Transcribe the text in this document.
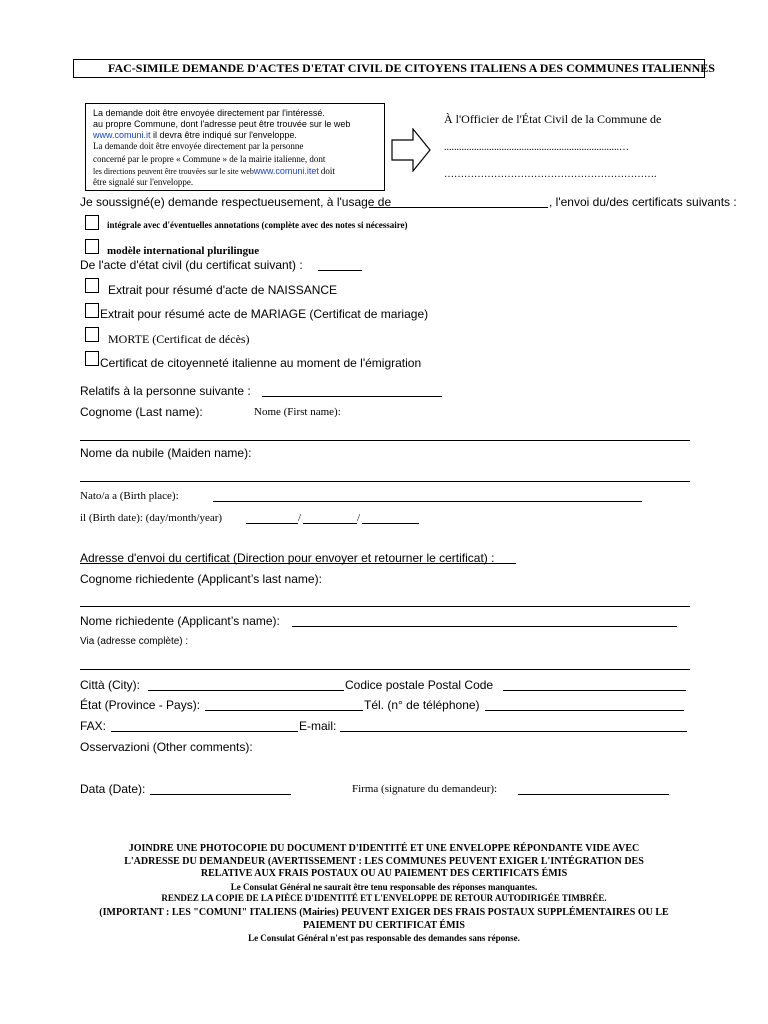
FAC-SIMILE DEMANDE D'ACTES D'ETAT CIVIL DE CITOYENS ITALIENS A DES COMMUNES ITALIENNES
La demande doit être envoyée directement par l'intéressé.
au propre Commune, dont l'adresse peut être trouvée sur le web
www.comuni.it il devra être indiqué sur l'enveloppe.
La demande doit être envoyée directement par la personne
concerné par le propre « Commune » de la mairie italienne, dont
les directions peuvent être trouvées sur le site webwww.comuni.itet doit
être signalé sur l'enveloppe.
À l'Officier de l'État Civil de la Commune de
......................................................................…
……………………………………………………….
Je soussigné(e) demande respectueusement, à l'usage de	, l'envoi du/des certificats suivants :
intégrale avec d'éventuelles annotations (complète avec des notes si nécessaire)
modèle international plurilingue
De l'acte d'état civil (du certificat suivant) :
Extrait pour résumé d'acte de NAISSANCE
Extrait pour résumé acte de MARIAGE (Certificat de mariage)
MORTE (Certificat de décès)
Certificat de citoyenneté italienne au moment de l'émigration
Relatifs à la personne suivante :
Cognome (Last name):	Nome (First name):
Nome da nubile (Maiden name):
Nato/a a (Birth place):
il (Birth date): (day/month/year)	/	/
Adresse d'envoi du certificat (Direction pour envoyer et retourner le certificat) :
Cognome richiedente (Applicant’s last name):
Nome richiedente (Applicant’s name):
Via (adresse complète) :
Città (City):	Codice postale Postal Code
État (Province - Pays):	Tél. (n° de téléphone)
FAX:	E-mail:
Osservazioni (Other comments):
Data (Date):	Firma (signature du demandeur):
JOINDRE UNE PHOTOCOPIE DU DOCUMENT D'IDENTITÉ ET UNE ENVELOPPE RÉPONDANTE VIDE AVEC
L'ADRESSE DU DEMANDEUR (AVERTISSEMENT : LES COMMUNES PEUVENT EXIGER L'INTÉGRATION DES
RELATIVE AUX FRAIS POSTAUX OU AU PAIEMENT DES CERTIFICATS ÉMIS
Le Consulat Général ne saurait être tenu responsable des réponses manquantes.
RENDEZ LA COPIE DE LA PIÈCE D'IDENTITÉ ET L'ENVELOPPE DE RETOUR AUTODIRIGÉE TIMBRÉE.
(IMPORTANT : LES "COMUNI" ITALIENS (Mairies) PEUVENT EXIGER DES FRAIS POSTAUX SUPPLÉMENTAIRES OU LE
PAIEMENT DU CERTIFICAT ÉMIS
Le Consulat Général n'est pas responsable des demandes sans réponse.
